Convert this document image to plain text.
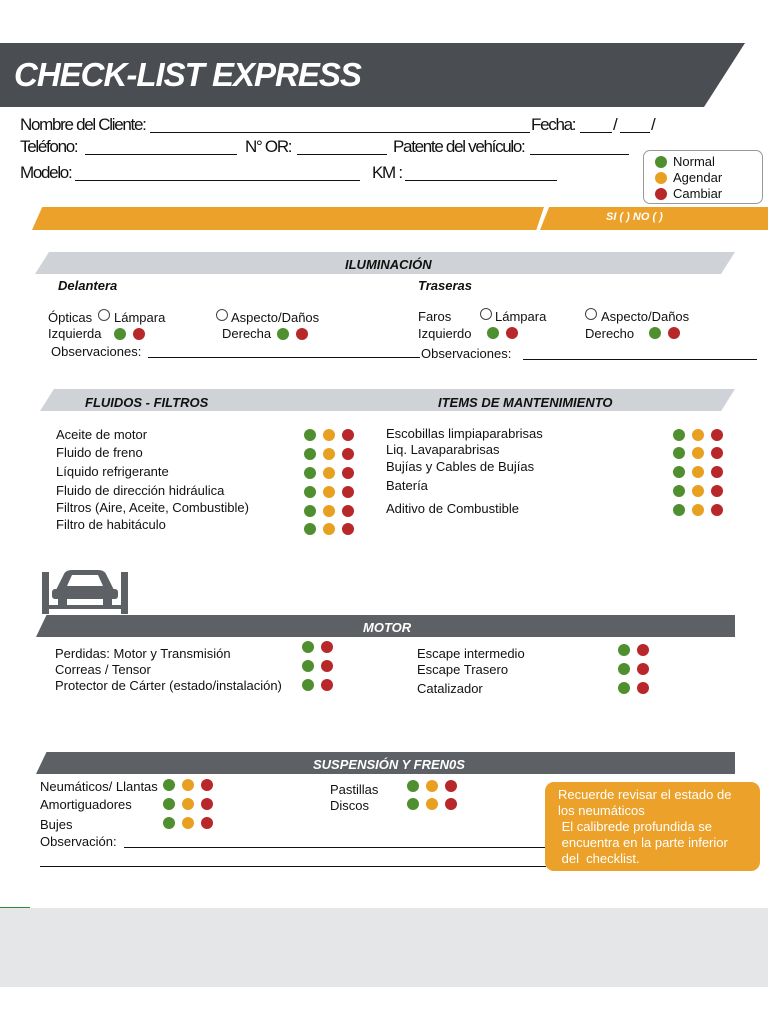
CHECK-LIST EXPRESS
Nombre del Cliente:	Fecha: / /
Teléfono:	N° OR:	Patente del vehículo:
Modelo:	KM :
Normal
Agendar
Cambiar
SI ( ) NO ( )
ILUMINACIÓN
Delantera	Traseras
Ópticas Lámpara	Aspecto/Daños
Izquierda	Derecha
Faros	Lámpara	Aspecto/Daños
Izquierdo	Derecho
Observaciones:	Observaciones:
FLUIDOS - FILTROS	ITEMS DE MANTENIMIENTO
Aceite de motor
Fluido de freno
Líquido refrigerante
Fluido de dirección hidráulica
Filtros (Aire, Aceite, Combustible)
Filtro de habitáculo
Escobillas limpiaparabrisas
Liq. Lavaparabrisas
Bujías y Cables de Bujías
Batería
Aditivo de Combustible
MOTOR
Perdidas: Motor y Transmisión
Correas / Tensor
Protector de Cárter (estado/instalación)
Escape intermedio
Escape Trasero
Catalizador
SUSPENSIÓN Y FREN0S
Neumáticos/ Llantas
Amortiguadores
Bujes
Pastillas
Discos
Observación:
Recuerde revisar el estado de
los neumáticos
El calibrede profundida se
encuentra en la parte inferior
del  checklist.
